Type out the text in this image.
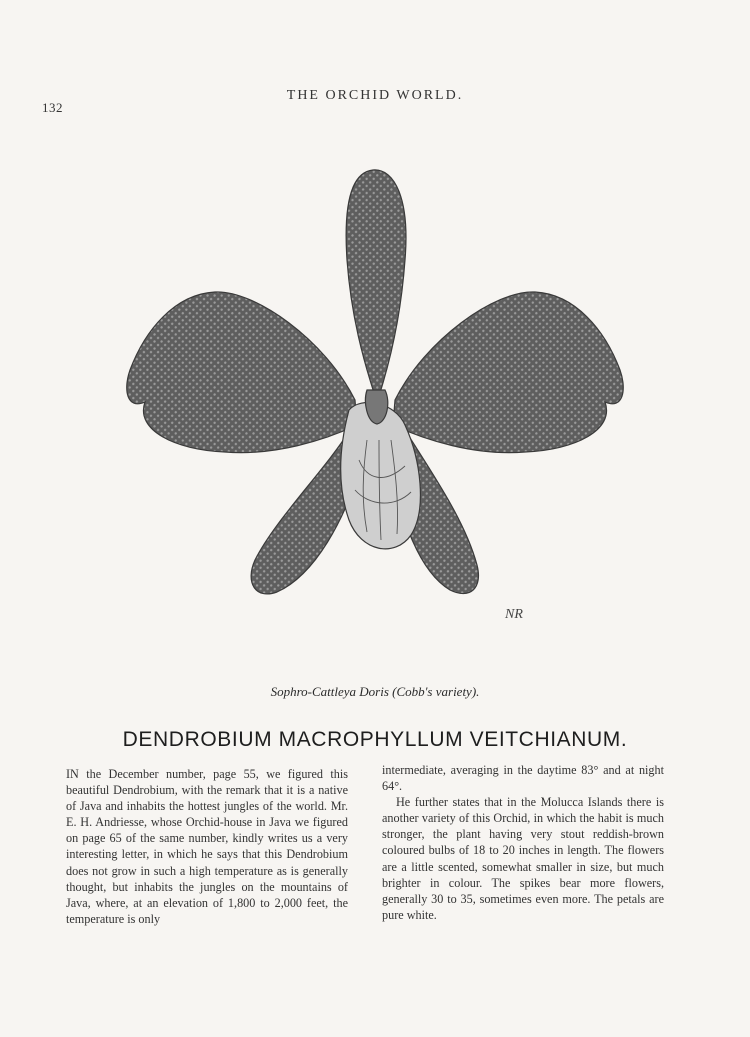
132
THE ORCHID WORLD.
NR
Sophro-Cattleya Doris (Cobb's variety).
DENDROBIUM MACROPHYLLUM VEITCHIANUM.

IN the December number, page 55, we figured this beautiful Dendrobium, with the remark that it is a native of Java and inhabits the hottest jungles of the world. Mr. E. H. Andriesse, whose Orchid-house in Java we figured on page 65 of the same number, kindly writes us a very interesting letter, in which he says that this Dendrobium does not grow in such a high temperature as is generally thought, but inhabits the jungles on the mountains of Java, where, at an elevation of 1,800 to 2,000 feet, the temperature is only

intermediate, averaging in the daytime 83° and at night 64°.

He further states that in the Molucca Islands there is another variety of this Orchid, in which the habit is much stronger, the plant having very stout reddish-brown coloured bulbs of 18 to 20 inches in length. The flowers are a little scented, somewhat smaller in size, but much brighter in colour. The spikes bear more flowers, generally 30 to 35, sometimes even more. The petals are pure white.
